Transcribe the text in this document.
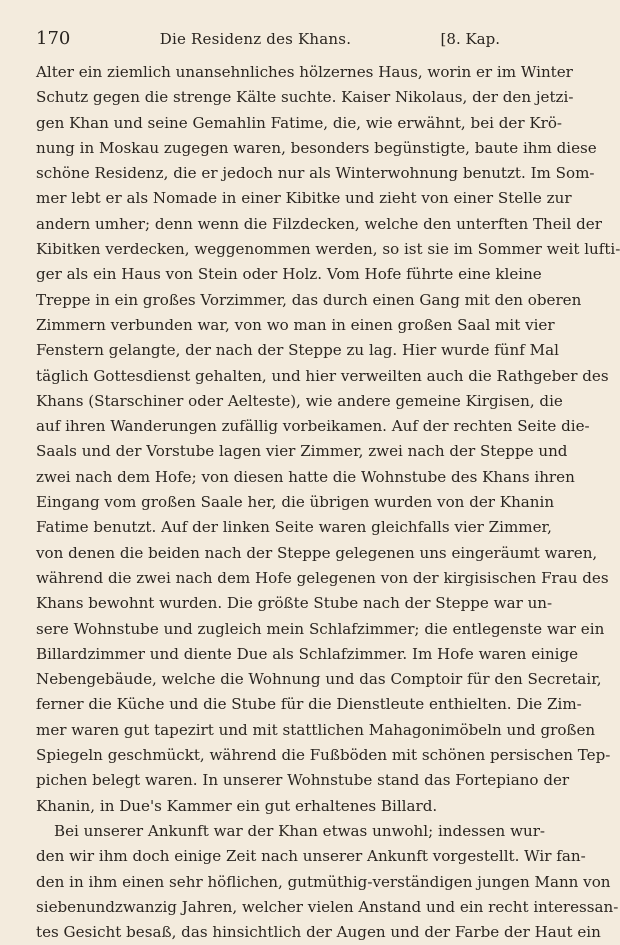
170	Die Residenz des Khans.	[8. Kap.
Alter ein ziemlich unansehnliches hölzernes Haus, worin er im Winter
Schutz gegen die strenge Kälte suchte. Kaiser Nikolaus, der den jetzi-
gen Khan und seine Gemahlin Fatime, die, wie erwähnt, bei der Krö-
nung in Moskau zugegen waren, besonders begünstigte, baute ihm diese
schöne Residenz, die er jedoch nur als Winterwohnung benutzt. Im Som-
mer lebt er als Nomade in einer Kibitke und zieht von einer Stelle zur
andern umher; denn wenn die Filzdecken, welche den unterften Theil der
Kibitken verdecken, weggenommen werden, so ist sie im Sommer weit lufti-
ger als ein Haus von Stein oder Holz. Vom Hofe führte eine kleine
Treppe in ein großes Vorzimmer, das durch einen Gang mit den oberen
Zimmern verbunden war, von wo man in einen großen Saal mit vier
Fenstern gelangte, der nach der Steppe zu lag. Hier wurde fünf Mal
täglich Gottesdienst gehalten, und hier verweilten auch die Rathgeber des
Khans (Starschiner oder Aelteste), wie andere gemeine Kirgisen, die
auf ihren Wanderungen zufällig vorbeikamen. Auf der rechten Seite die-
Saals und der Vorstube lagen vier Zimmer, zwei nach der Steppe und
zwei nach dem Hofe; von diesen hatte die Wohnstube des Khans ihren
Eingang vom großen Saale her, die übrigen wurden von der Khanin
Fatime benutzt. Auf der linken Seite waren gleichfalls vier Zimmer,
von denen die beiden nach der Steppe gelegenen uns eingeräumt waren,
während die zwei nach dem Hofe gelegenen von der kirgisischen Frau des
Khans bewohnt wurden. Die größte Stube nach der Steppe war un-
sere Wohnstube und zugleich mein Schlafzimmer; die entlegenste war ein
Billardzimmer und diente Due als Schlafzimmer. Im Hofe waren einige
Nebengebäude, welche die Wohnung und das Comptoir für den Secretair,
ferner die Küche und die Stube für die Dienstleute enthielten. Die Zim-
mer waren gut tapezirt und mit stattlichen Mahagonimöbeln und großen
Spiegeln geschmückt, während die Fußböden mit schönen persischen Tep-
pichen belegt waren. In unserer Wohnstube stand das Fortepiano der
Khanin, in Due's Kammer ein gut erhaltenes Billard.
Bei unserer Ankunft war der Khan etwas unwohl; indessen wur-
den wir ihm doch einige Zeit nach unserer Ankunft vorgestellt. Wir fan-
den in ihm einen sehr höflichen, gutmüthig-verständigen jungen Mann von
siebenundzwanzig Jahren, welcher vielen Anstand und ein recht interessan-
tes Gesicht besaß, das hinsichtlich der Augen und der Farbe der Haut ein
